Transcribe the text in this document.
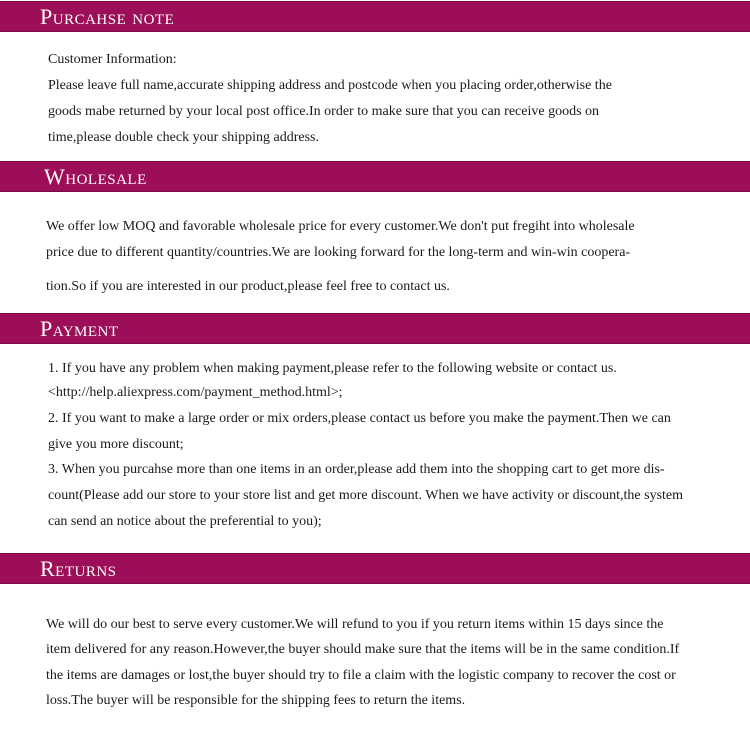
Purcahse note
Customer Information:
Please leave full name,accurate shipping address and postcode when you placing order,otherwise the
goods mabe returned by your local post office.In order to make sure that you can receive goods on
time,please double check your shipping address.
Wholesale
We offer low MOQ and favorable wholesale price for every customer.We don't put fregiht into wholesale
price due to different quantity/countries.We are looking forward for the long-term and win-win coopera-
tion.So if you are interested in our product,please feel free to contact us.
Payment
1. If you have any problem when making payment,please refer to the following website or contact us.
<http://help.aliexpress.com/payment_method.html>;
2. If you want to make a large order or mix orders,please contact us before you make the payment.Then we can
give you more discount;
3. When you purcahse more than one items in an order,please add them into the shopping cart to get more dis-
count(Please add our store to your store list and get more discount. When we have activity or discount,the system
can send an notice about the preferential to you);
Returns
We will do our best to serve every customer.We will refund to you if you return items within 15 days since the
item delivered for any reason.However,the buyer should make sure that the items will be in the same condition.If
the items are damages or lost,the buyer should try to file a claim with the logistic company to recover the cost or
loss.The buyer will be responsible for the shipping fees to return the items.
